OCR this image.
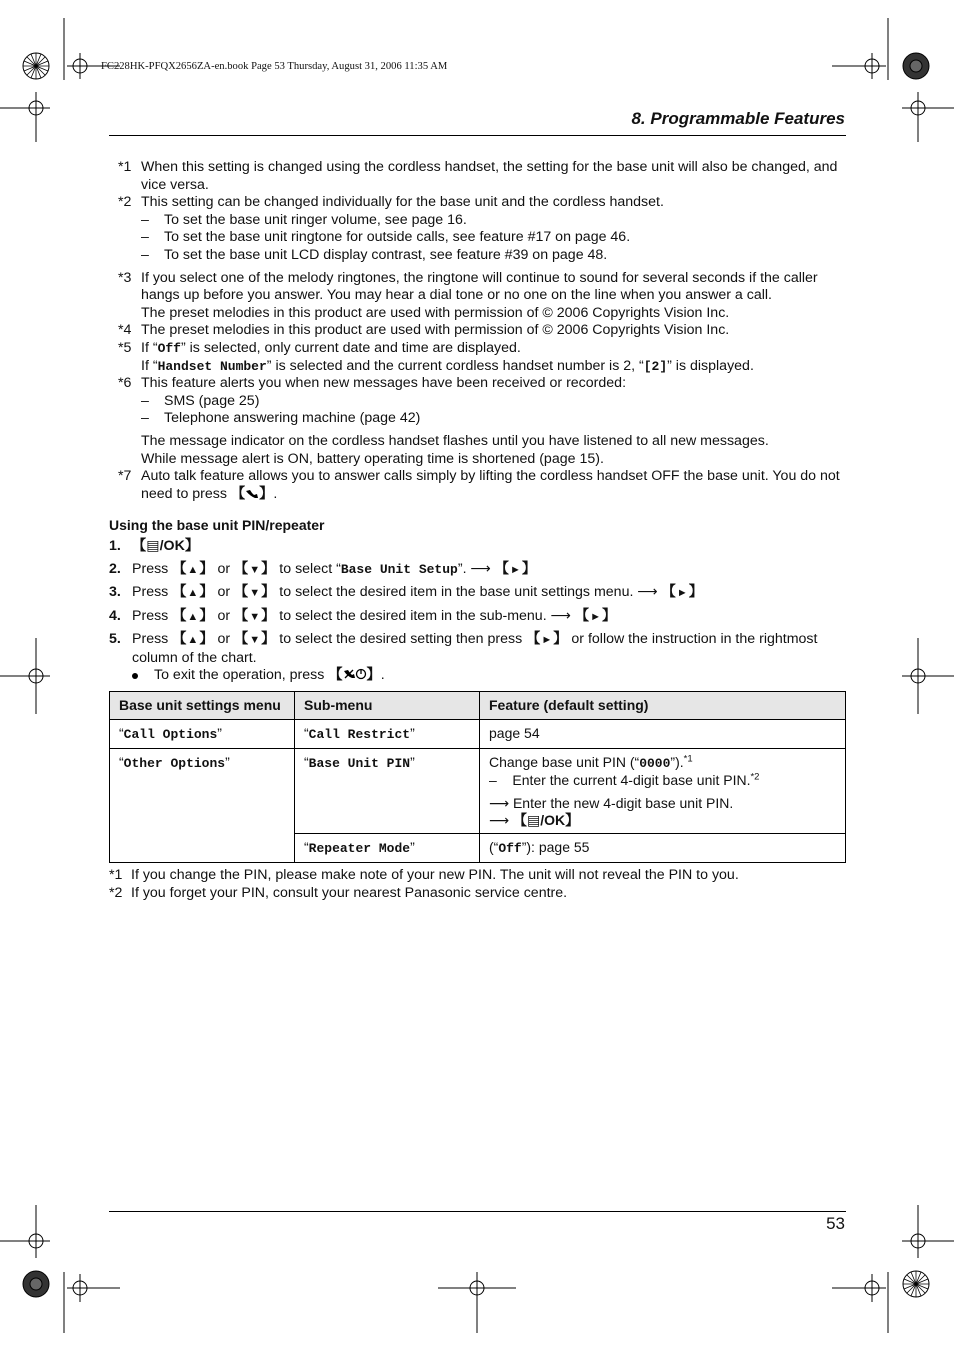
FC228HK-PFQX2656ZA-en.book Page 53 Thursday, August 31, 2006 11:35 AM
8. Programmable Features
*1 When this setting is changed using the cordless handset, the setting for the base unit will also be changed, and vice versa.
*2 This setting can be changed individually for the base unit and the cordless handset.
– To set the base unit ringer volume, see page 16.
– To set the base unit ringtone for outside calls, see feature #17 on page 46.
– To set the base unit LCD display contrast, see feature #39 on page 48.
*3 If you select one of the melody ringtones, the ringtone will continue to sound for several seconds if the caller hangs up before you answer. You may hear a dial tone or no one on the line when you answer a call.
The preset melodies in this product are used with permission of © 2006 Copyrights Vision Inc.
*4 The preset melodies in this product are used with permission of © 2006 Copyrights Vision Inc.
*5 If “Off” is selected, only current date and time are displayed.
If “Handset Number” is selected and the current cordless handset number is 2, “[2]” is displayed.
*6 This feature alerts you when new messages have been received or recorded:
– SMS (page 25)
– Telephone answering machine (page 42)
The message indicator on the cordless handset flashes until you have listened to all new messages.
While message alert is ON, battery operating time is shortened (page 15).
*7 Auto talk feature allows you to answer calls simply by lifting the cordless handset OFF the base unit. You do not need to press 【 】.
Using the base unit PIN/repeater
1. 【▤/OK】
2. Press 【▲】 or 【▼】 to select “Base Unit Setup”. ⟶ 【►】
3. Press 【▲】 or 【▼】 to select the desired item in the base unit settings menu. ⟶ 【►】
4. Press 【▲】 or 【▼】 to select the desired item in the sub-menu. ⟶ 【►】
5. Press 【▲】 or 【▼】 to select the desired setting then press 【►】 or follow the instruction in the rightmost column of the chart.
To exit the operation, press 【 】.
Base unit settings menu	Sub-menu	Feature (default setting)
“Call Options”	“Call Restrict”	page 54
“Other Options”	“Base Unit PIN”	Change base unit PIN (“0000”).$^{*1}$
– Enter the current 4-digit base unit PIN.$^{*2}$
⟶ Enter the new 4-digit base unit PIN.
⟶ 【▤/OK】
	“Repeater Mode”	(“Off”): page 55
*1 If you change the PIN, please make note of your new PIN. The unit will not reveal the PIN to you.
*2 If you forget your PIN, consult your nearest Panasonic service centre.
53
